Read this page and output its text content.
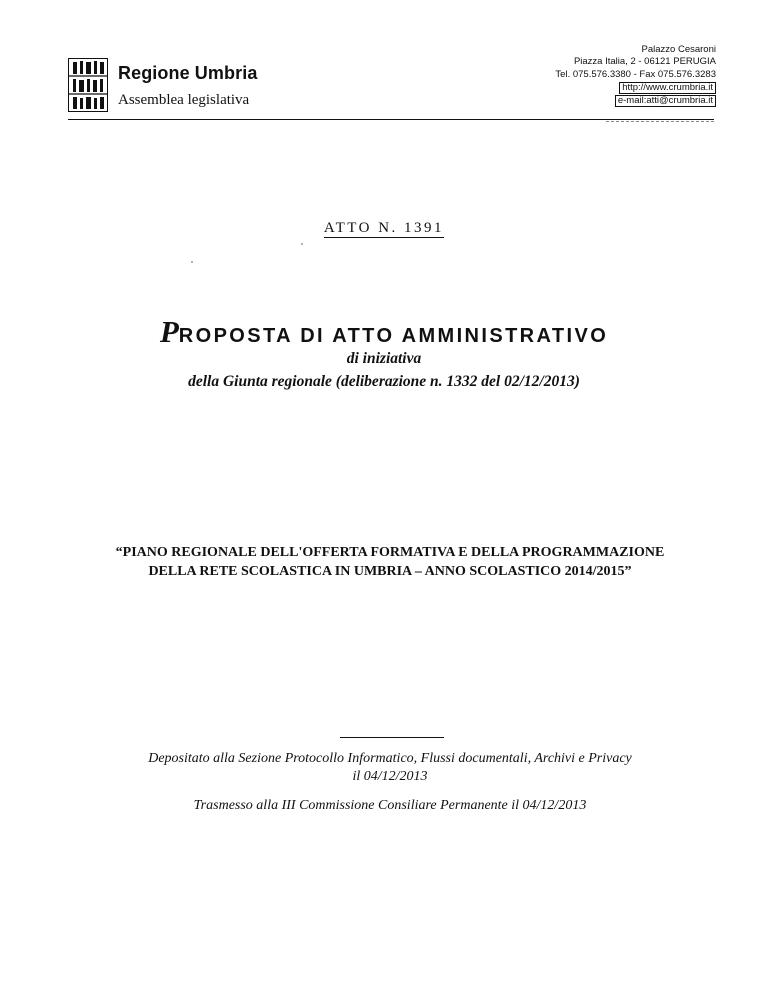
Regione Umbria
Assemblea legislativa
Palazzo Cesaroni
Piazza Italia, 2 - 06121 PERUGIA
Tel. 075.576.3380 - Fax 075.576.3283
http://www.crumbria.it
e-mail:atti@crumbria.it
ATTO N. 1391
PROPOSTA DI ATTO AMMINISTRATIVO
di iniziativa
della Giunta regionale (deliberazione n. 1332 del 02/12/2013)
“PIANO REGIONALE DELL'OFFERTA FORMATIVA E DELLA PROGRAMMAZIONE DELLA RETE SCOLASTICA IN UMBRIA – ANNO SCOLASTICO 2014/2015”
Depositato alla Sezione Protocollo Informatico, Flussi documentali, Archivi e Privacy
il 04/12/2013
Trasmesso alla III Commissione Consiliare Permanente il 04/12/2013
